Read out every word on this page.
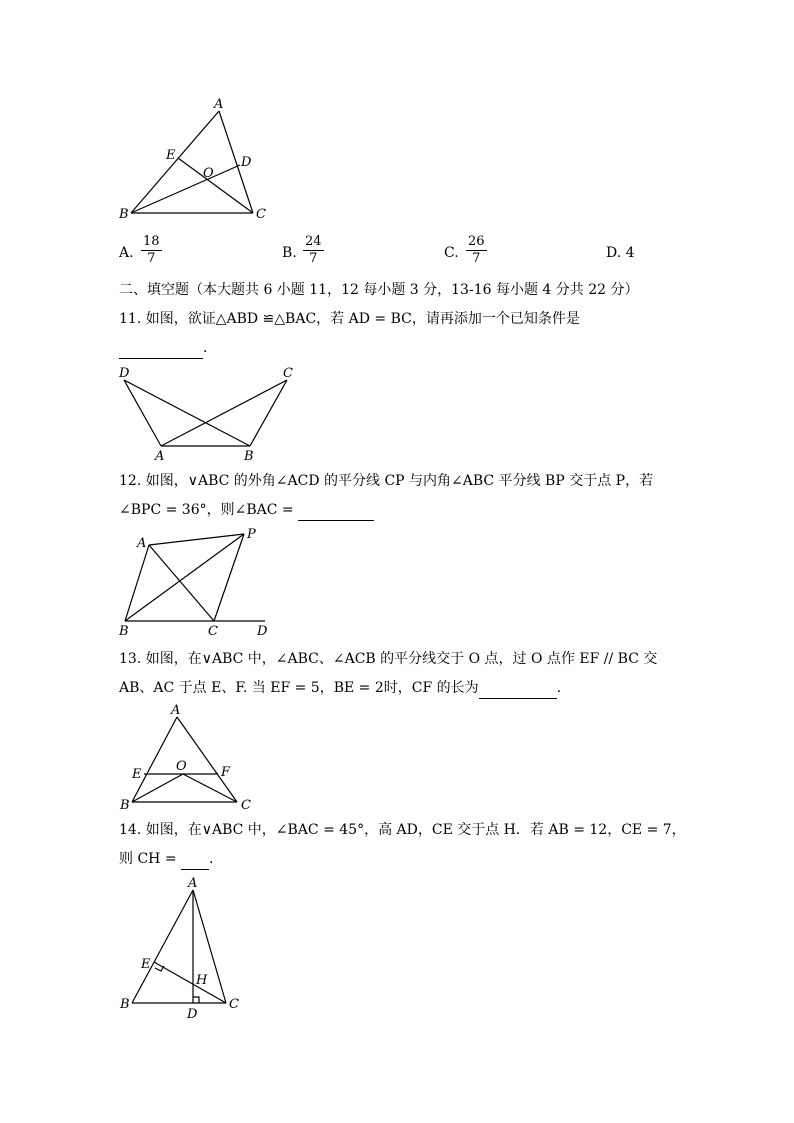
A
E	D
O
B	C
A. $\frac{18}{7}$	B. $\frac{24}{7}$	C. $\frac{26}{7}$	D. 4
二、填空题（本大题共 6 小题 11，12 每小题 3 分，13-16 每小题 4 分共 22 分）
11. 如图，欲证△ABD ≌△BAC，若 AD = BC，请再添加一个已知条件是
.
D	C
A	B
12. 如图，∨ABC 的外角∠ACD 的平分线 CP 与内角∠ABC 平分线 BP 交于点 P，若
∠BPC = 36°，则∠BAC =
A
P
B	C	D
13. 如图，在∨ABC 中，∠ABC、∠ACB 的平分线交于 O 点，过 O 点作 EF // BC 交
AB、AC 于点 E、F. 当 EF = 5，BE = 2时，CF 的长为	.
A
E
O	F
B	C
14. 如图，在∨ABC 中，∠BAC = 45°，高 AD，CE 交于点 H．若 AB = 12，CE = 7，
则 CH = .
A
E
H
B
D
C
